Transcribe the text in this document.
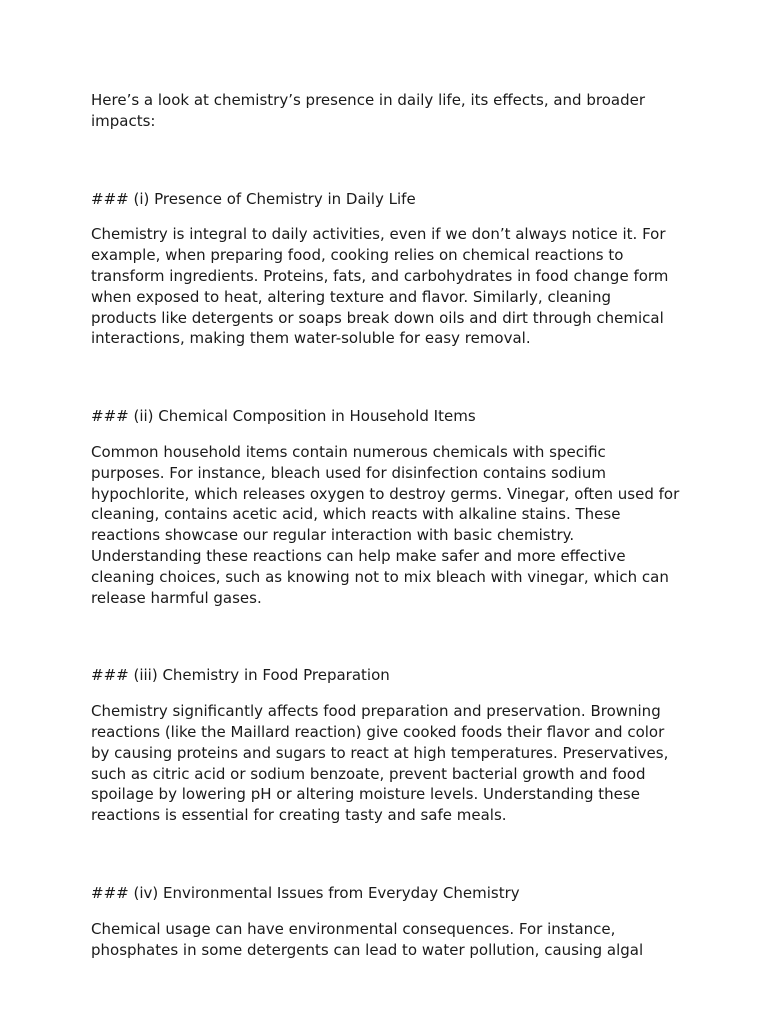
Here’s a look at chemistry’s presence in daily life, its effects, and broader impacts:

### (i) Presence of Chemistry in Daily Life

Chemistry is integral to daily activities, even if we don’t always notice it. For example, when preparing food, cooking relies on chemical reactions to transform ingredients. Proteins, fats, and carbohydrates in food change form when exposed to heat, altering texture and flavor. Similarly, cleaning products like detergents or soaps break down oils and dirt through chemical interactions, making them water-soluble for easy removal.

### (ii) Chemical Composition in Household Items

Common household items contain numerous chemicals with specific purposes. For instance, bleach used for disinfection contains sodium hypochlorite, which releases oxygen to destroy germs. Vinegar, often used for cleaning, contains acetic acid, which reacts with alkaline stains. These reactions showcase our regular interaction with basic chemistry. Understanding these reactions can help make safer and more effective cleaning choices, such as knowing not to mix bleach with vinegar, which can release harmful gases.

### (iii) Chemistry in Food Preparation

Chemistry significantly affects food preparation and preservation. Browning reactions (like the Maillard reaction) give cooked foods their flavor and color by causing proteins and sugars to react at high temperatures. Preservatives, such as citric acid or sodium benzoate, prevent bacterial growth and food spoilage by lowering pH or altering moisture levels. Understanding these reactions is essential for creating tasty and safe meals.

### (iv) Environmental Issues from Everyday Chemistry

Chemical usage can have environmental consequences. For instance, phosphates in some detergents can lead to water pollution, causing algal
